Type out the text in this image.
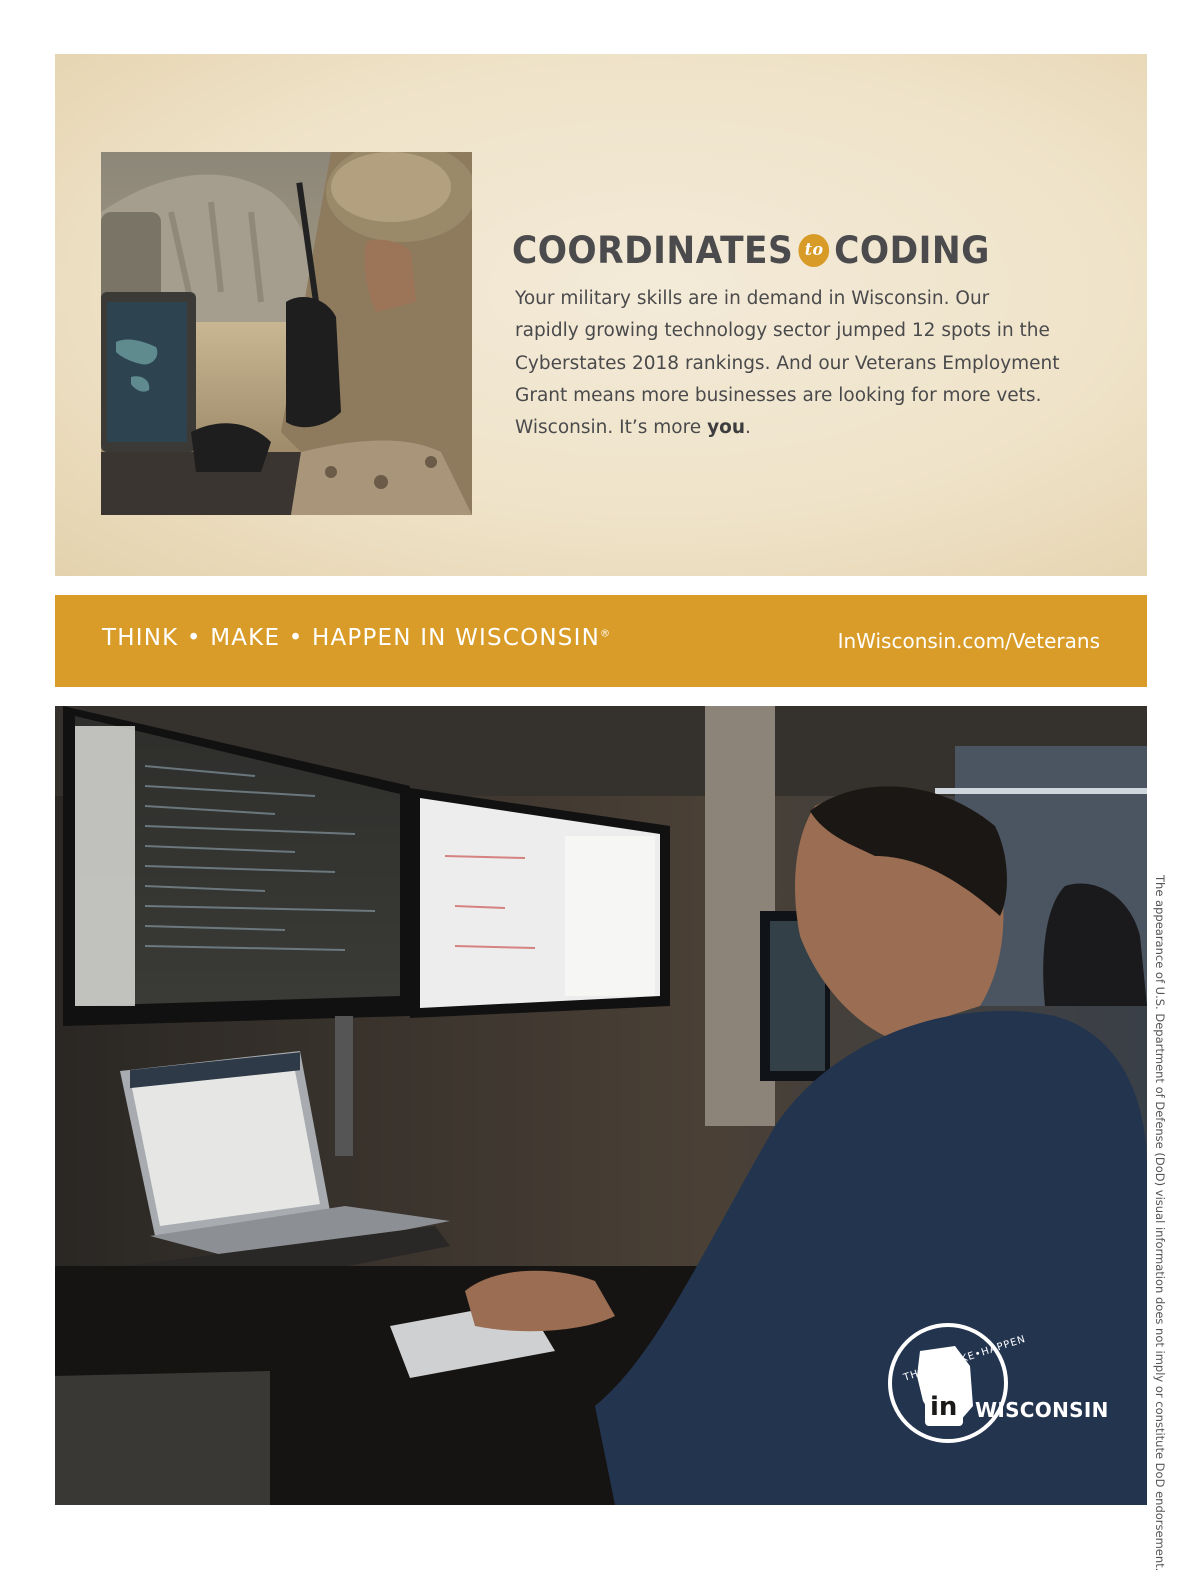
COORDINATES to CODING

Your military skills are in demand in Wisconsin. Our

rapidly growing technology sector jumped 12 spots in the

Cyberstates 2018 rankings. And our Veterans Employment

Grant means more businesses are looking for more vets.

Wisconsin. It’s more you.

THINK • MAKE • HAPPEN IN WISCONSIN®	InWisconsin.com/Veterans
THINK•MAKE•HAPPEN
in WISCONSIN	The appearance of U.S. Department of Defense (DoD) visual information does not imply or constitute DoD endorsement.
